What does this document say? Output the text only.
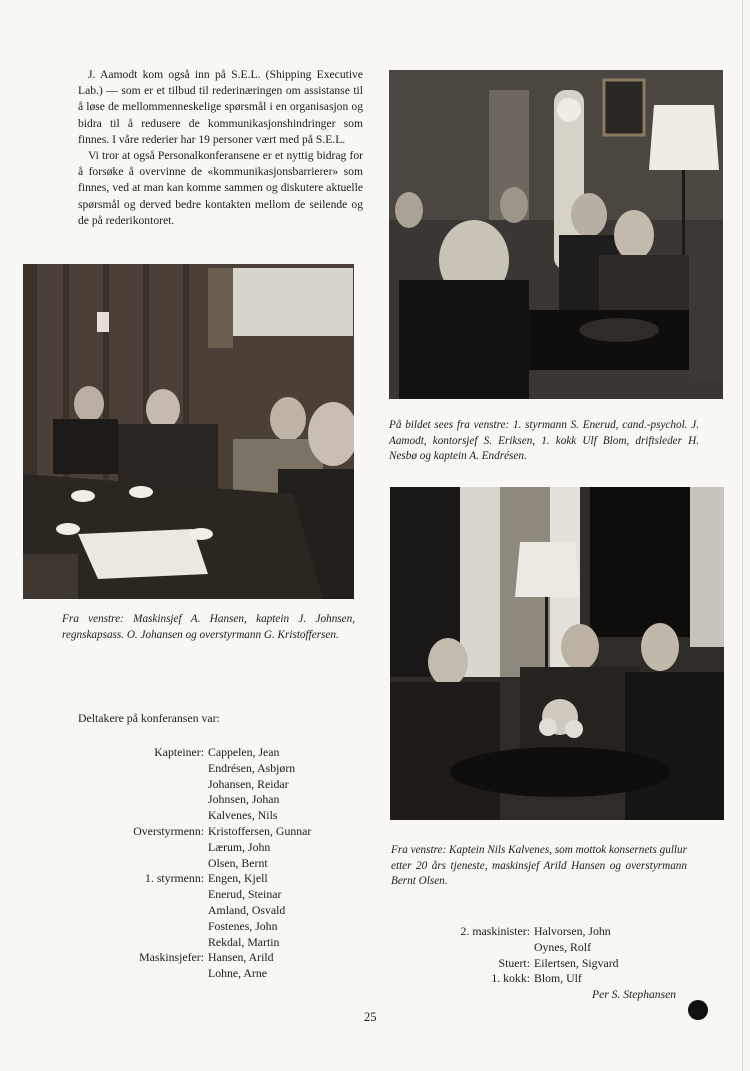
J. Aamodt kom også inn på S.E.L. (Shipping Executive Lab.) — som er et tilbud til rederinæringen om assistanse til å løse de mellommenneskelige spørsmål i en organisasjon og bidra til å redusere de kommunikasjonshindringer som finnes. I våre rederier har 19 personer vært med på S.E.L.

Vi tror at også Personalkonferansene er et nyttig bidrag for å forsøke å overvinne de «kommunikasjonsbarrierer» som finnes, ved at man kan komme sammen og diskutere aktuelle spørsmål og derved bedre kontakten mellom de seilende og de på rederikontoret.

På bildet sees fra venstre: 1. styrmann S. Enerud, cand.-psychol. J. Aamodt, kontorsjef S. Eriksen, 1. kokk Ulf Blom, driftsleder H. Nesbø og kaptein A. Endrésen.
Fra venstre: Maskinsjef A. Hansen, kaptein J. Johnsen, regnskapsass. O. Johansen og overstyrmann G. Kristoffersen.
Fra venstre: Kaptein Nils Kalvenes, som mottok konsernets gullur etter 20 års tjeneste, maskinsjef Arild Hansen og overstyrmann Bernt Olsen.
Deltakere på konferansen var:
Kapteiner: Cappelen, Jean
Endrésen, Asbjørn
Johansen, Reidar
Johnsen, Johan
Kalvenes, Nils
Overstyrmenn: Kristoffersen, Gunnar
Lærum, John
Olsen, Bernt
1. styrmenn: Engen, Kjell
Enerud, Steinar
Amland, Osvald
Fostenes, John
Rekdal, Martin
Maskinsjefer: Hansen, Arild
Lohne, Arne
2. maskinister: Halvorsen, John
Oynes, Rolf
Stuert: Eilertsen, Sigvard
1. kokk: Blom, Ulf
Per S. Stephansen
25
